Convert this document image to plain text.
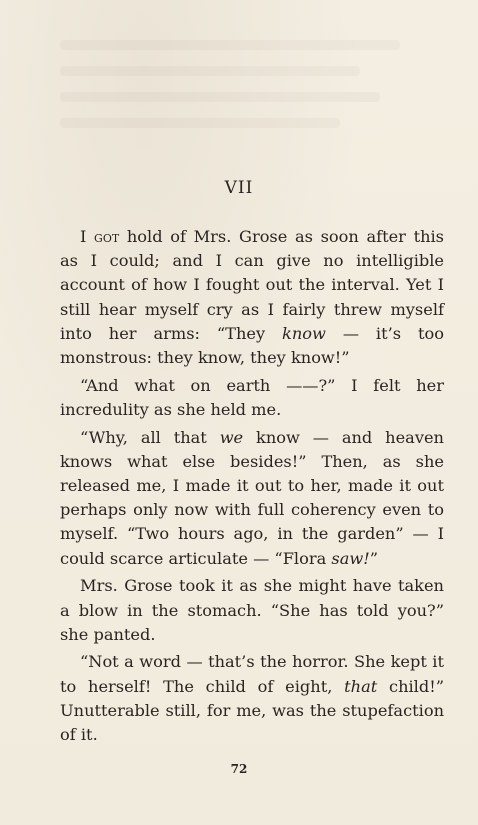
VII

I got hold of Mrs. Grose as soon after this as I could; and I can give no intelligible account of how I fought out the interval. Yet I still hear myself cry as I fairly threw myself into her arms: “They know — it’s too monstrous: they know, they know!”

“And what on earth ——?” I felt her incredulity as she held me.

“Why, all that we know — and heaven knows what else besides!” Then, as she released me, I made it out to her, made it out perhaps only now with full coherency even to myself. “Two hours ago, in the garden” — I could scarce articulate — “Flora saw!”

Mrs. Grose took it as she might have taken a blow in the stomach. “She has told you?” she panted.

“Not a word — that’s the horror. She kept it to herself! The child of eight, that child!” Unutterable still, for me, was the stupefaction of it.

72
